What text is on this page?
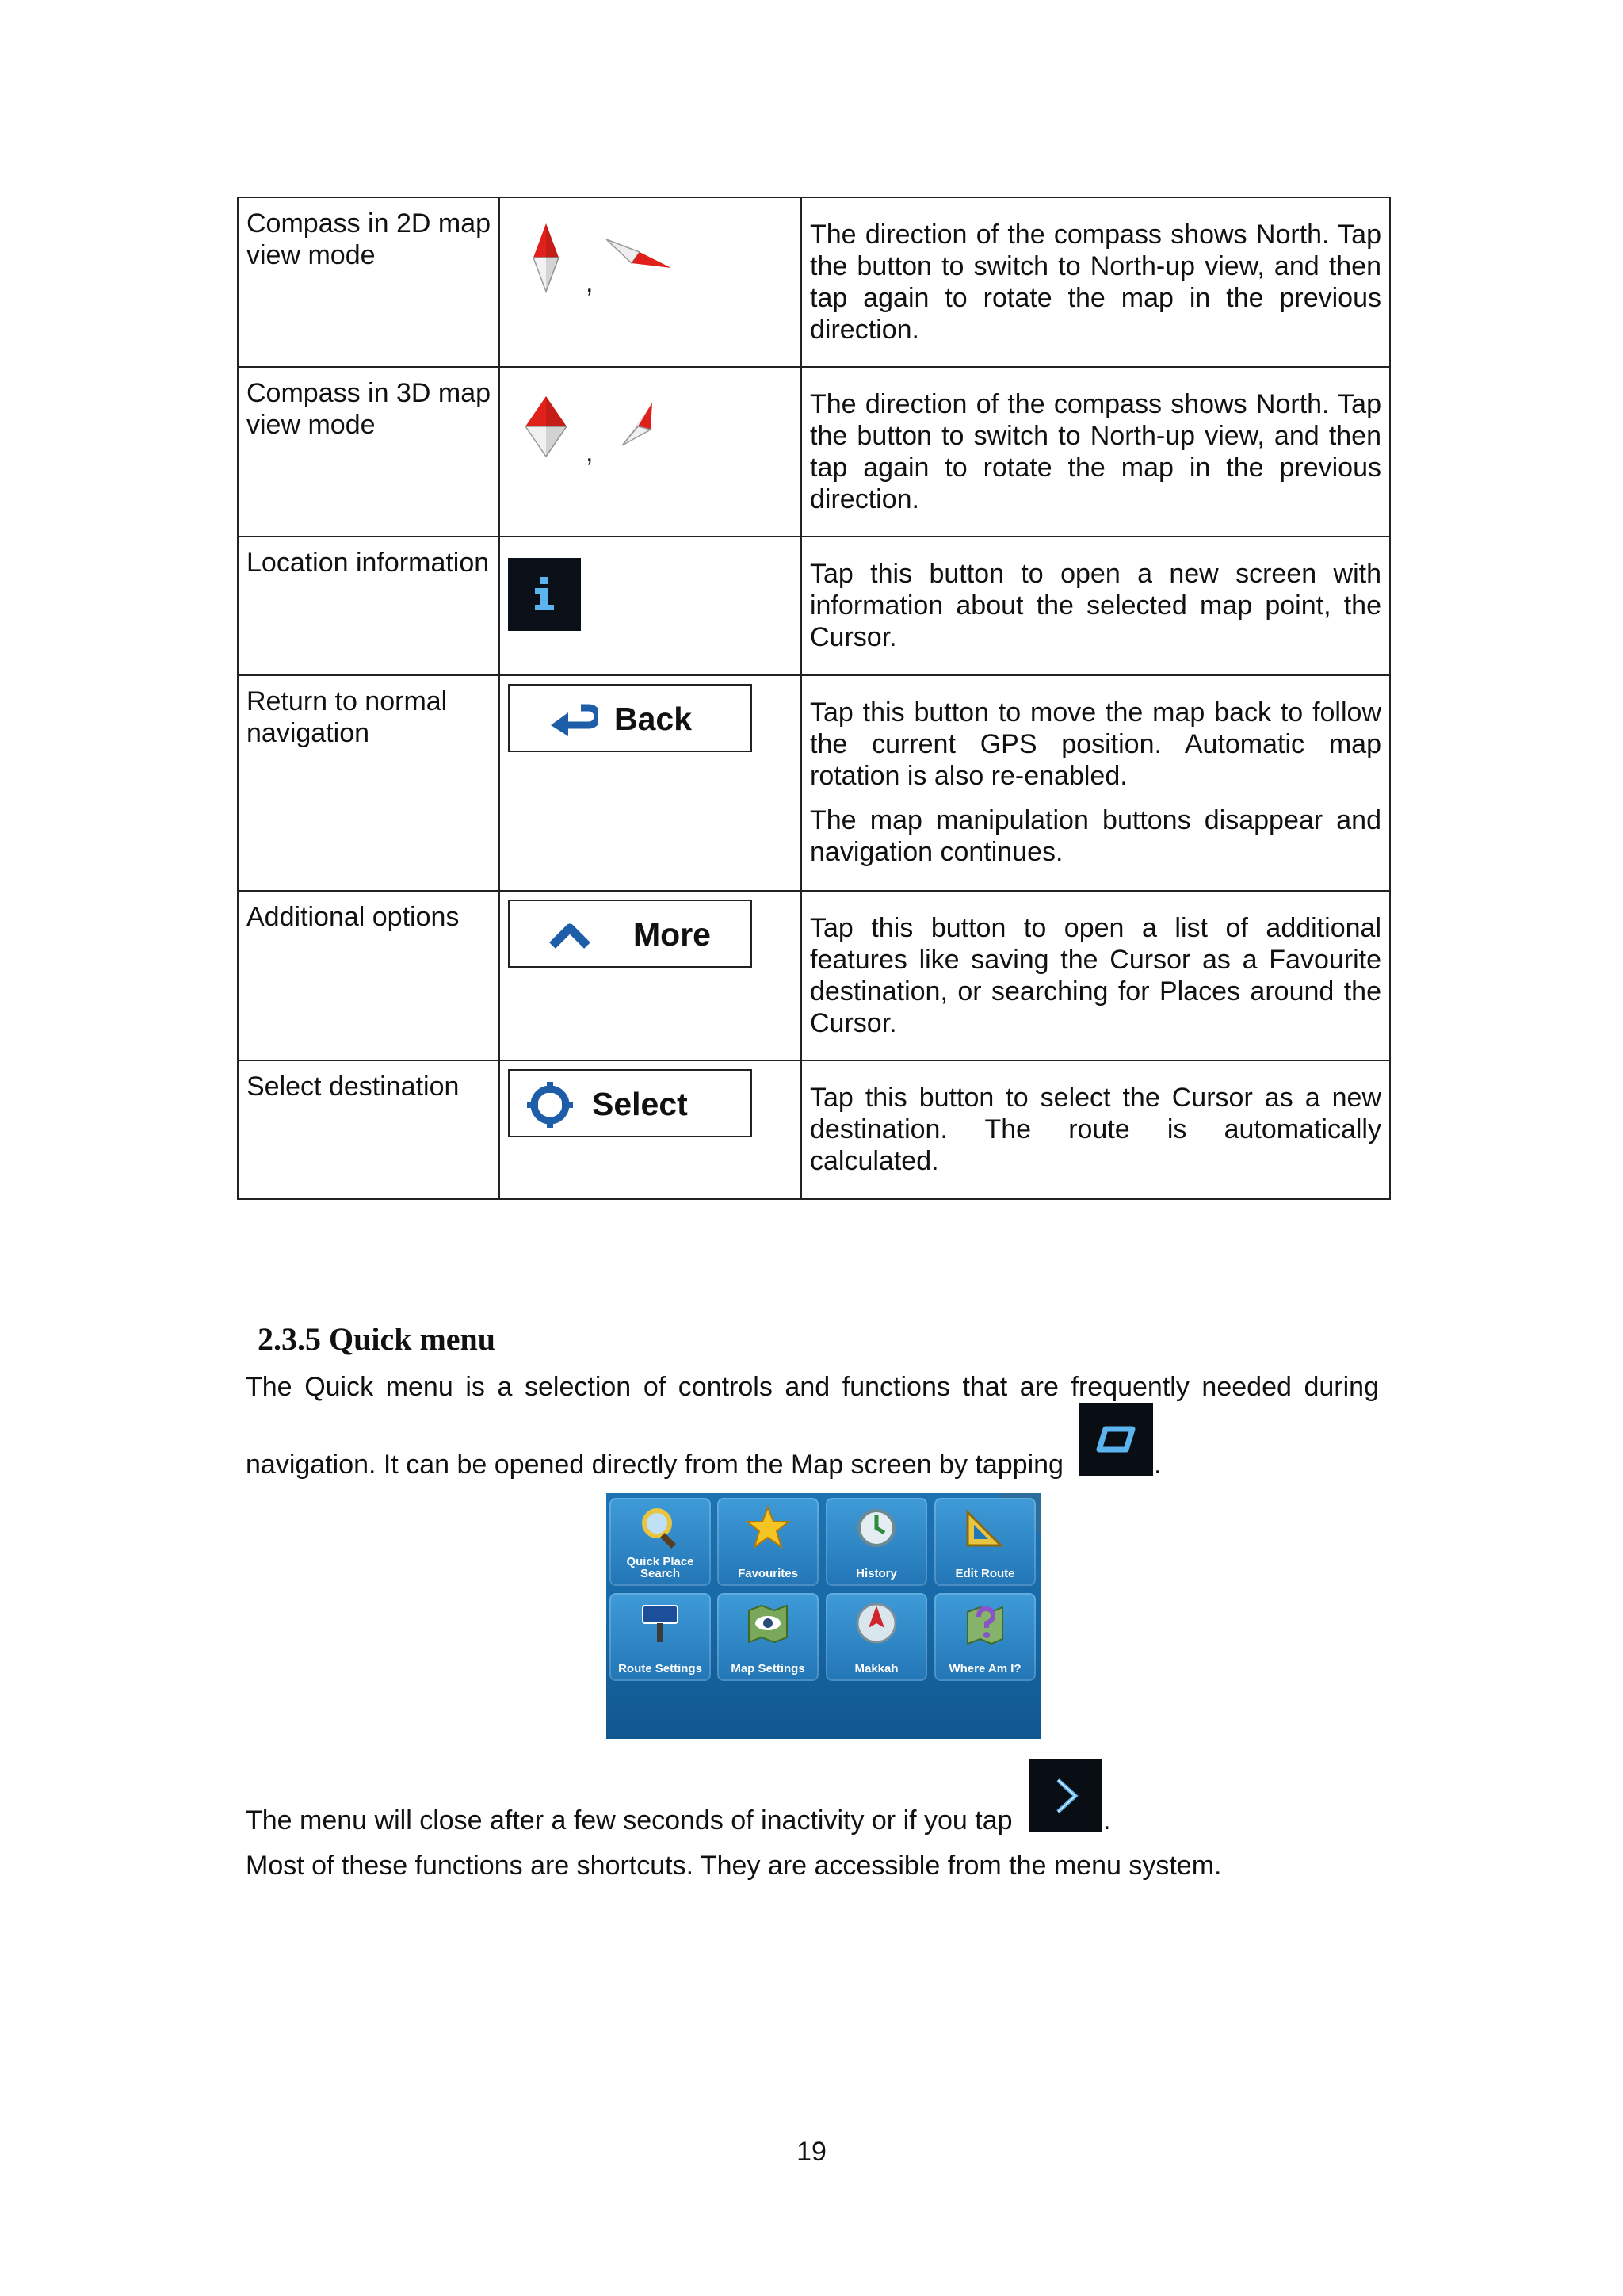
Compass in 2D map view mode	,	The direction of the compass shows North. Tap the button to switch to North-up view, and then tap again to rotate the map in the previous direction.

Compass in 3D map view mode	,	The direction of the compass shows North. Tap the button to switch to North-up view, and then tap again to rotate the map in the previous direction.

Location information		Tap this button to open a new screen with information about the selected map point, the Cursor.

Return to normal navigation	Back	Tap this button to move the map back to follow the current GPS position. Automatic map rotation is also re-enabled.

The map manipulation buttons disappear and navigation continues.

Additional options	More	Tap this button to open a list of additional features like saving the Cursor as a Favourite destination, or searching for Places around the Cursor.

Select destination	Select	Tap this button to select the Cursor as a new destination. The route is automatically calculated.

2.3.5 Quick menu
The Quick menu is a selection of controls and functions that are frequently needed during
navigation. It can be opened directly from the Map screen by tapping	.
Quick Place Search	Favourites	History	Edit Route
Route Settings	Map Settings	Makkah	Where Am I?
The menu will close after a few seconds of inactivity or if you tap	.
Most of these functions are shortcuts. They are accessible from the menu system.
19
